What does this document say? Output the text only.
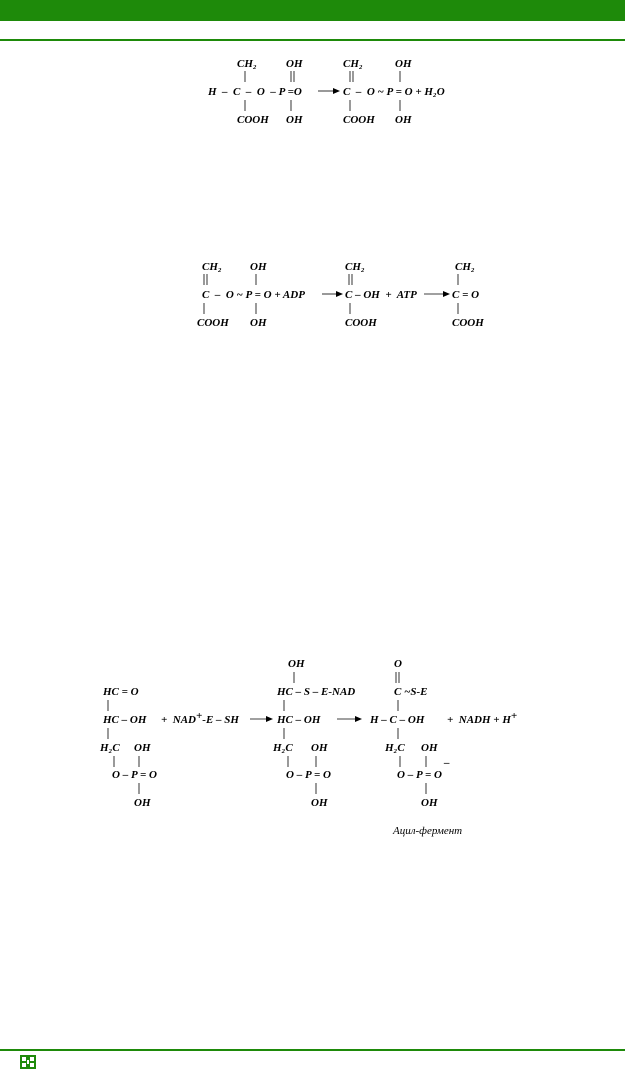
CH₂	OH	CH₂	OH
H  –  C  –  O  – P =O	C  –  O ~ P = O + H₂O
COOH OH	COOH OH
CH₂	OH	CH₂	CH₂
C  –  O ~ P = O + ADP	C – OH  +  ATP	C = O
COOH OH	COOH	COOH
HC = O
HC – OH
H₂C OH
O – P = O
OH
+  NAD+-E – SH
OH
HC – S – E-NAD
HC – OH
H₂C OH
O – P = O
OH
O
C ~S-E
H – C – OH
H₂C OH
O – P = O
–
OH
+  NADH + H+
Ацил-фермент
